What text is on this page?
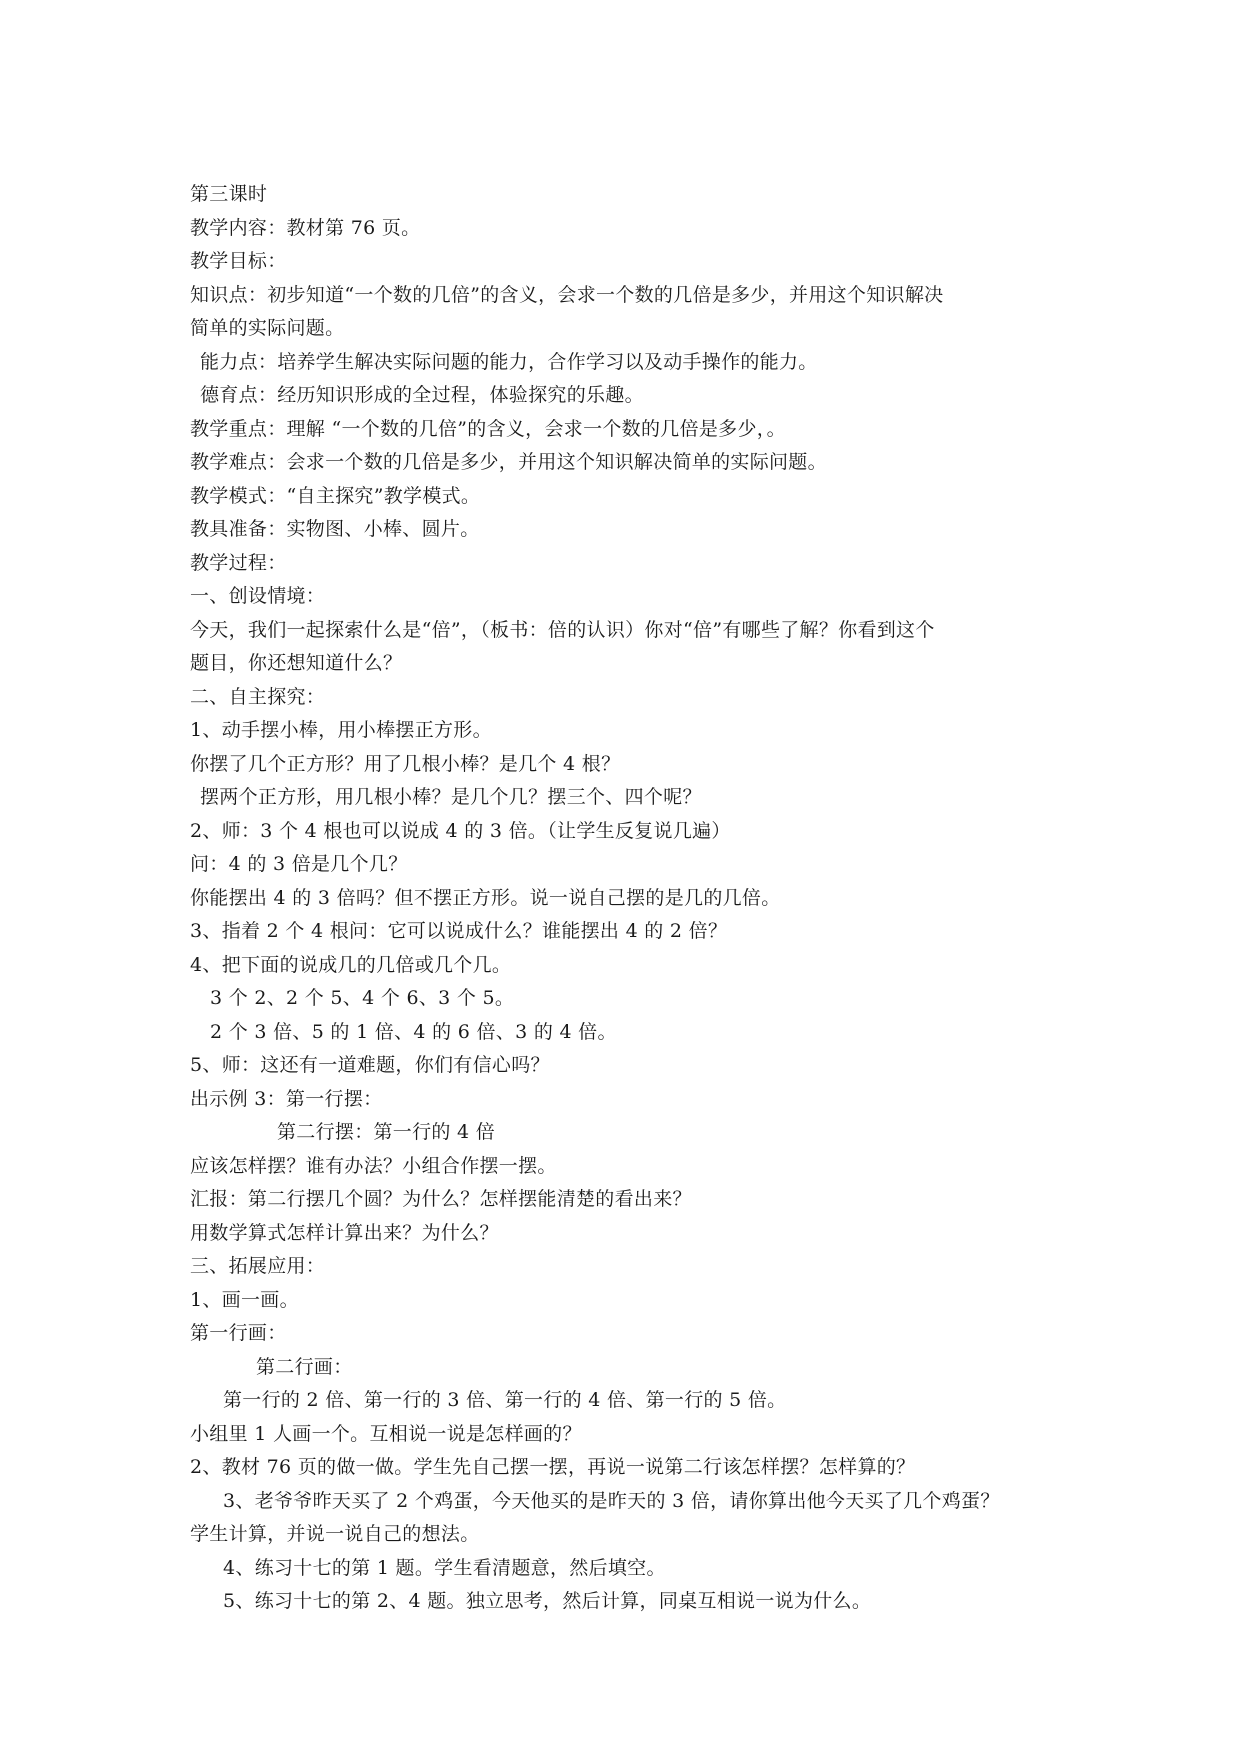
第三课时
教学内容：教材第 76 页。
教学目标：
知识点：初步知道“一个数的几倍”的含义，会求一个数的几倍是多少，并用这个知识解决
简单的实际问题。
能力点：培养学生解决实际问题的能力，合作学习以及动手操作的能力。
德育点：经历知识形成的全过程，体验探究的乐趣。
教学重点：理解 “一个数的几倍”的含义，会求一个数的几倍是多少，。
教学难点：会求一个数的几倍是多少，并用这个知识解决简单的实际问题。
教学模式：“自主探究”教学模式。
教具准备：实物图、小棒、圆片。
教学过程：
一、创设情境：
今天，我们一起探索什么是“倍”，（板书：倍的认识）你对“倍”有哪些了解？你看到这个
题目，你还想知道什么？
二、自主探究：
1、动手摆小棒，用小棒摆正方形。
你摆了几个正方形？用了几根小棒？是几个 4 根？
摆两个正方形，用几根小棒？是几个几？摆三个、四个呢？
2、师：3 个 4 根也可以说成 4 的 3 倍。（让学生反复说几遍）
问：4 的 3 倍是几个几？
你能摆出 4 的 3 倍吗？但不摆正方形。说一说自己摆的是几的几倍。
3、指着 2 个 4 根问：它可以说成什么？谁能摆出 4 的 2 倍？
4、把下面的说成几的几倍或几个几。
3 个 2、2 个 5、4 个 6、3 个 5。
2 个 3 倍、5 的 1 倍、4 的 6 倍、3 的 4 倍。
5、师：这还有一道难题，你们有信心吗？
出示例 3：第一行摆：
第二行摆：第一行的 4 倍
应该怎样摆？谁有办法？小组合作摆一摆。
汇报：第二行摆几个圆？为什么？怎样摆能清楚的看出来？
用数学算式怎样计算出来？为什么？
三、拓展应用：
1、画一画。
第一行画：
第二行画：
第一行的 2 倍、第一行的 3 倍、第一行的 4 倍、第一行的 5 倍。
小组里 1 人画一个。互相说一说是怎样画的？
2、教材 76 页的做一做。学生先自己摆一摆，再说一说第二行该怎样摆？怎样算的？
3、老爷爷昨天买了 2 个鸡蛋，今天他买的是昨天的 3 倍，请你算出他今天买了几个鸡蛋？
学生计算，并说一说自己的想法。
4、练习十七的第 1 题。学生看清题意，然后填空。
5、练习十七的第 2、4 题。独立思考，然后计算，同桌互相说一说为什么。
